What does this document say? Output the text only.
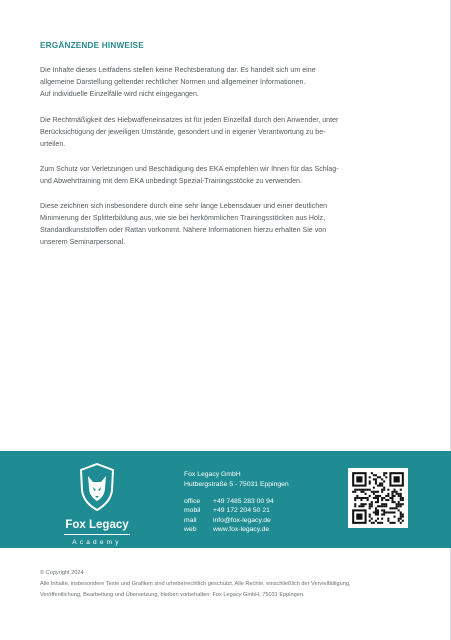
ERGÄNZENDE HINWEISE

Die Inhalte dieses Leitfadens stellen keine Rechtsberatung dar. Es handelt sich um eine
allgemeine Darstellung geltender rechtlicher Normen und allgemeiner Informationen.
Auf individuelle Einzelfälle wird nicht eingegangen.

Die Rechtmäßigkeit des Hiebwaffeneinsatzes ist für jeden Einzelfall durch den Anwender, unter
Berücksichtigung der jeweiligen Umstände, gesondert und in eigener Verantwortung zu be-
urteilen.

Zum Schutz vor Verletzungen und Beschädigung des EKA empfehlen wir Ihnen für das Schlag-
und Abwehrtraining mit dem EKA unbedingt Spezial-Trainingsstöcke zu verwenden.

Diese zeichnen sich insbesondere durch eine sehr lange Lebensdauer und einer deutlichen
Minimierung der Splitterbildung aus, wie sie bei herkömmlichen Trainingsstöcken aus Holz,
Standardkunststoffen oder Rattan vorkommt. Nähere Informationen hierzu erhalten Sie von
unserem Seminarpersonal.

Fox Legacy
Academy
Fox Legacy GmbH
Hutbergstraße 5 - 75031 Eppingen
office	+49 7485 283 00 94
mobil	+49 172 204 50 21
mail	info@fox-legacy.de
web	www.fox-legacy.de
© Copyright 2024
Alle Inhalte, insbesondere Texte und Grafiken sind urheberrechtlich geschützt. Alle Rechte, einschließlich der Vervielfältigung,
Veröffentlichung, Bearbeitung und Übersetzung, bleiben vorbehalten: Fox Legacy GmbH, 75031 Eppingen.
